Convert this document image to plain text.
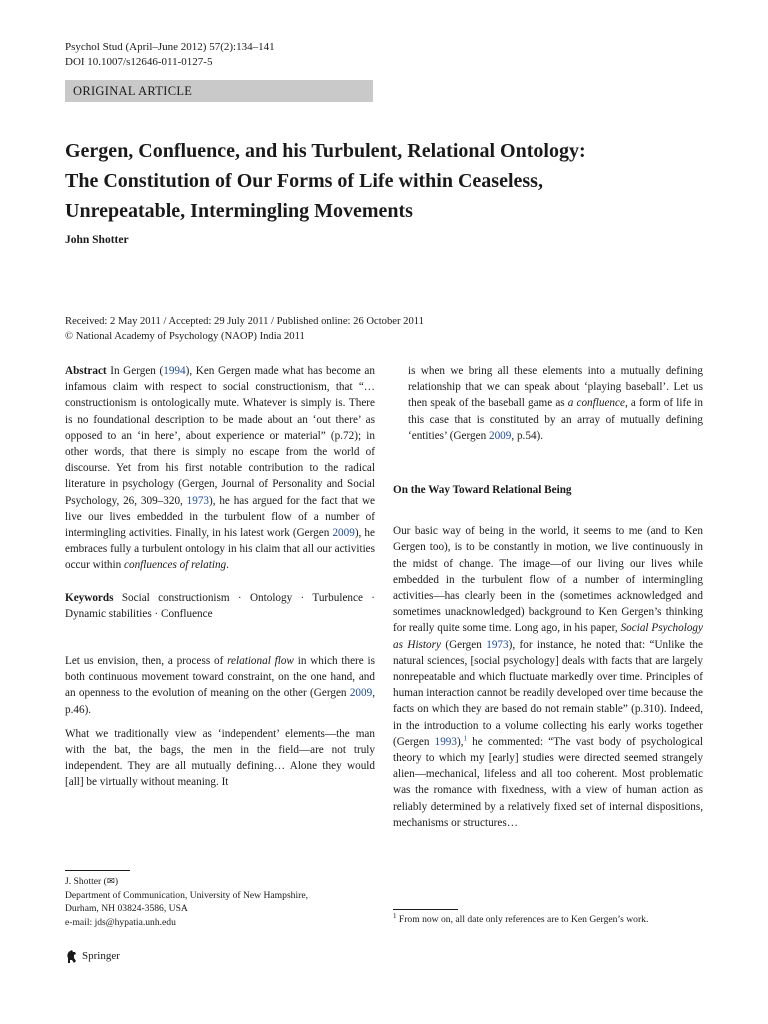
Psychol Stud (April–June 2012) 57(2):134–141
DOI 10.1007/s12646-011-0127-5
ORIGINAL ARTICLE
Gergen, Confluence, and his Turbulent, Relational Ontology:
The Constitution of Our Forms of Life within Ceaseless,
Unrepeatable, Intermingling Movements
John Shotter
Received: 2 May 2011 / Accepted: 29 July 2011 / Published online: 26 October 2011
© National Academy of Psychology (NAOP) India 2011

Abstract In Gergen (1994), Ken Gergen made what has become an infamous claim with respect to social constructionism, that “… constructionism is ontologically mute. Whatever is simply is. There is no foundational description to be made about an ‘out there’ as opposed to an ‘in here’, about experience or material” (p.72); in other words, that there is simply no escape from the world of discourse. Yet from his first notable contribution to the radical literature in psychology (Gergen, Journal of Personality and Social Psychology, 26, 309–320, 1973), he has argued for the fact that we live our lives embedded in the turbulent flow of a number of intermingling activities. Finally, in his latest work (Gergen 2009), he embraces fully a turbulent ontology in his claim that all our activities occur within confluences of relating.

Keywords Social constructionism · Ontology · Turbulence · Dynamic stabilities · Confluence

Let us envision, then, a process of relational flow in which there is both continuous movement toward constraint, on the one hand, and an openness to the evolution of meaning on the other (Gergen 2009, p.46).

What we traditionally view as ‘independent’ elements—the man with the bat, the bags, the men in the field—are not truly independent. They are all mutually defining… Alone they would [all] be virtually without meaning. It

is when we bring all these elements into a mutually defining relationship that we can speak about ‘playing baseball’. Let us then speak of the baseball game as a confluence, a form of life in this case that is constituted by an array of mutually defining ‘entities’ (Gergen 2009, p.54).

On the Way Toward Relational Being

Our basic way of being in the world, it seems to me (and to Ken Gergen too), is to be constantly in motion, we live continuously in the midst of change. The image—of our living our lives while embedded in the turbulent flow of a number of intermingling activities—has clearly been in the (sometimes acknowledged and sometimes unacknowledged) background to Ken Gergen’s thinking for really quite some time. Long ago, in his paper, Social Psychology as History (Gergen 1973), for instance, he noted that: “Unlike the natural sciences, [social psychology] deals with facts that are largely nonrepeatable and which fluctuate markedly over time. Principles of human interaction cannot be readily developed over time because the facts on which they are based do not remain stable” (p.310). Indeed, in the introduction to a volume collecting his early works together (Gergen 1993),$^1$ he commented: “The vast body of psychological theory to which my [early] studies were directed seemed strangely alien—mechanical, lifeless and all too coherent. Most problematic was the romance with fixedness, with a view of human action as reliably determined by a relatively fixed set of internal dispositions, mechanisms or structures…

J. Shotter (✉)
Department of Communication, University of New Hampshire,
Durham, NH 03824-3586, USA
e-mail: jds@hypatia.unh.edu
$^1$ From now on, all date only references are to Ken Gergen’s work.
Springer
